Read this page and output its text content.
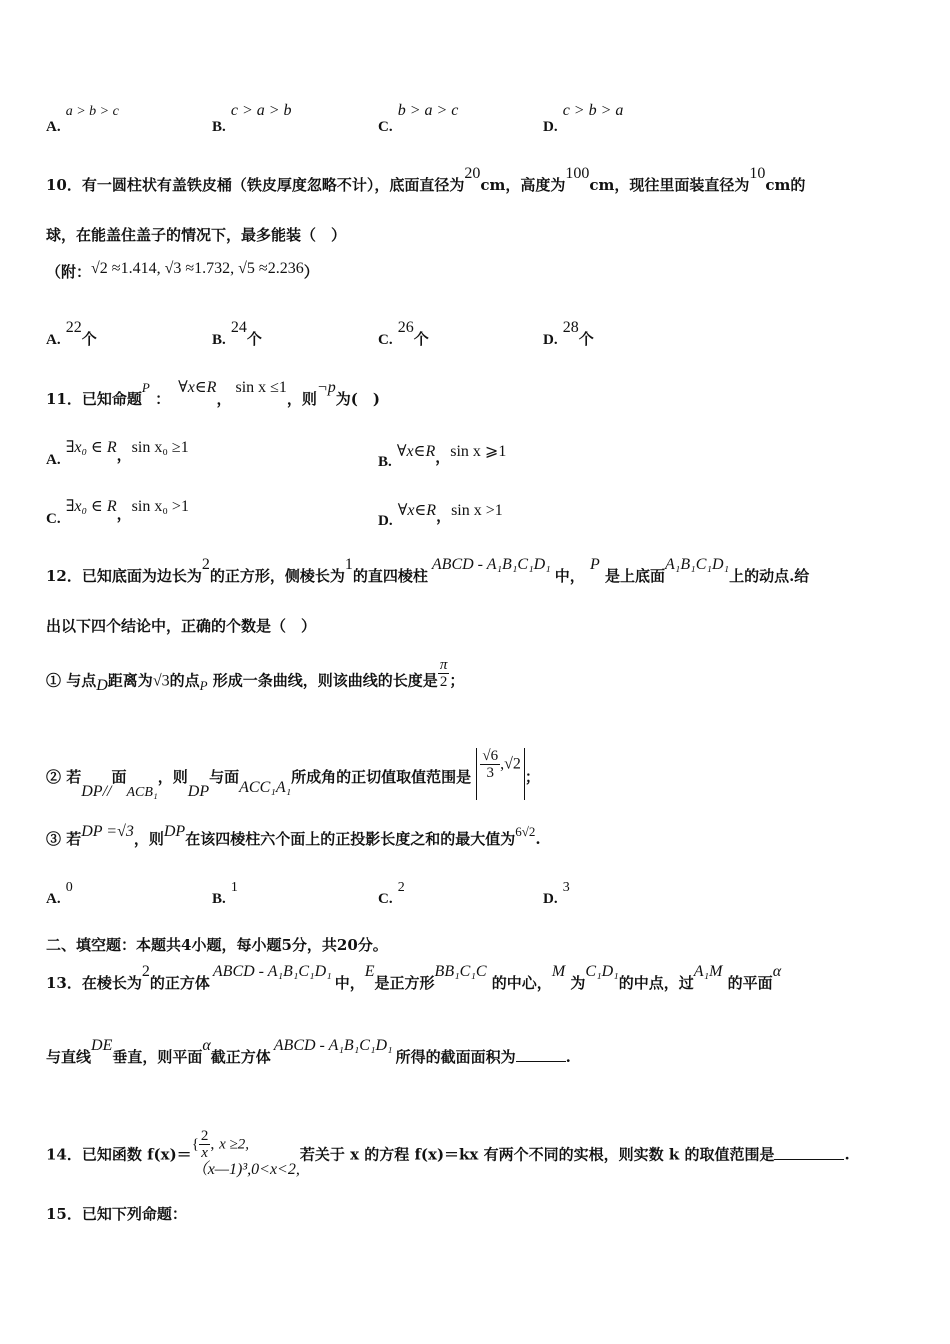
A. a > b > c
B. c > a > b
C. b > a > c
D. c > b > a
10．有一圆柱状有盖铁皮桶（铁皮厚度忽略不计），底面直径为20cm，高度为100cm，现往里面装直径为10cm的
球，在能盖住盖子的情况下，最多能装（　）
（附：√2 ≈1.414, √3 ≈1.732, √5 ≈2.236）
A. 22个	B. 24个	C. 26个	D. 28个
11．已知命题P ：∀x∈R，sin x ≤1，则¬p为(　)
A. ∃x₀ ∈ R，sin x₀ ≥1
B. ∀x∈R，sin x ⩾1
C. ∃x₀ ∈ R，sin x₀ >1
D. ∀x∈R，sin x >1
12．已知底面为边长为2的正方形，侧棱长为1的直四棱柱ABCD - A₁B₁C₁D₁中， P 是上底面A₁B₁C₁D₁上的动点.给
出以下四个结论中，正确的个数是（　）
① 与点D距离为√3的点P 形成一条曲线，则该曲线的长度是 $\frac{\pi}{2}$ ；
② 若DP//面ACB₁，则DP与面ACC₁A₁所成角的正切值取值范围是 $\frac{√6}{3} ,√2$；
③ 若DP =√3，则DP在该四棱柱六个面上的正投影长度之和的最大值为6√2.
A. 0
B. 1
C. 2
D. 3
二、填空题：本题共4小题，每小题5分，共20分。
13．在棱长为2的正方体ABCD - A₁B₁C₁D₁中，E是正方形BB₁C₁C 的中心，M 为C₁D₁的中点，过A₁M 的平面α
与直线DE垂直，则平面α截正方体ABCD - A₁B₁C₁D₁所得的截面面积为	.
14．已知函数 f(x)＝
{ $\frac{2}{x}$ , x ≥2,
（x—1)³,0<x<2,
若关于 x 的方程 f(x)＝kx 有两个不同的实根，则实数 k 的取值范围是	.
15．已知下列命题：
